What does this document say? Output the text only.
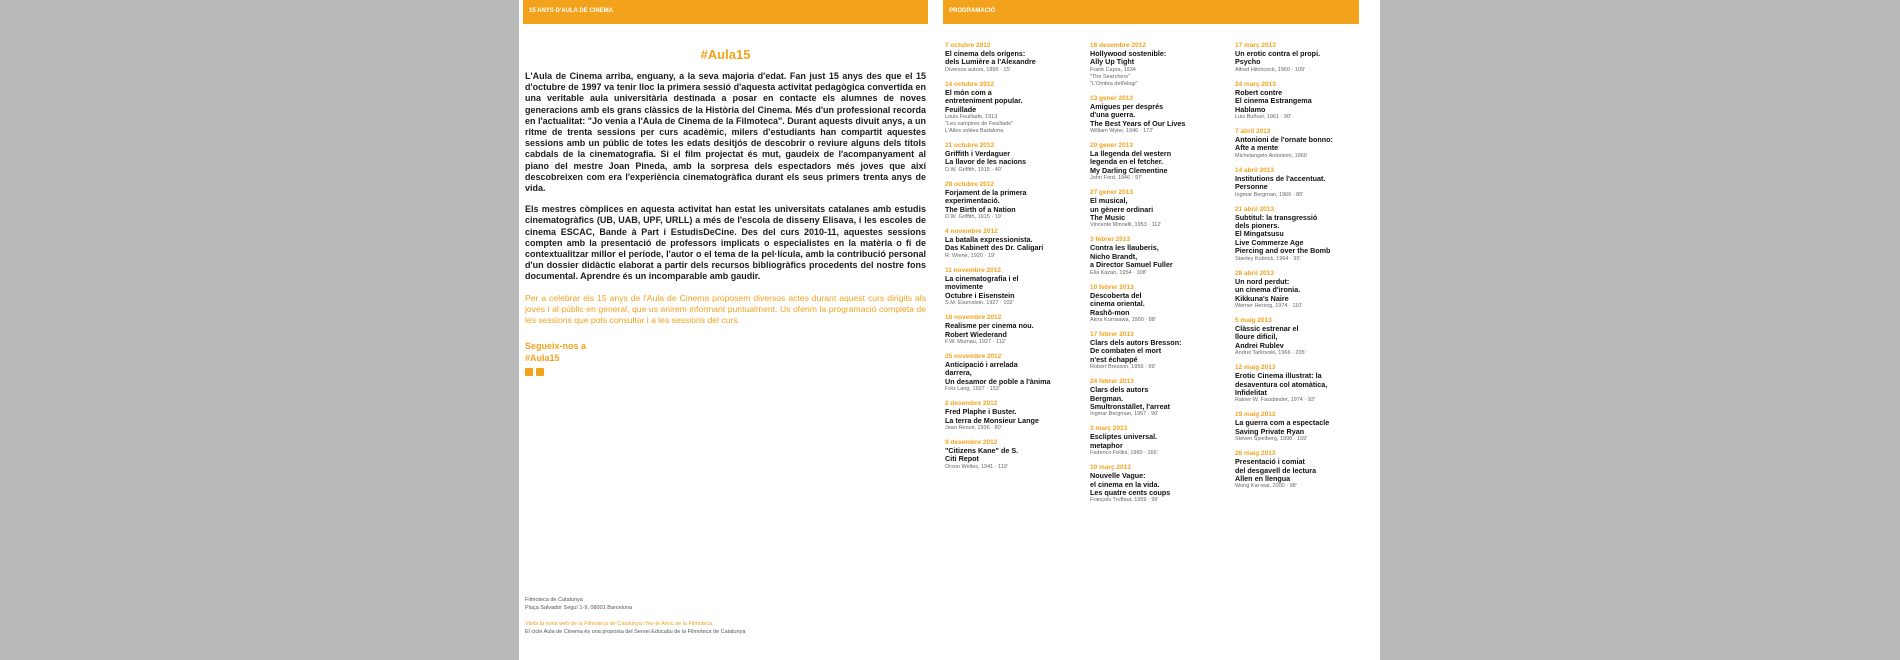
15 ANYS D'AULA DE CINEMA	PROGRAMACIÓ
#Aula15

L'Aula de Cinema arriba, enguany, a la seva majoria d'edat. Fan just 15 anys des que el 15 d'octubre de 1997 va tenir lloc la primera sessió d'aquesta activitat pedagògica convertida en una veritable aula universitària destinada a posar en contacte els alumnes de noves generacions amb els grans clàssics de la Història del Cinema. Més d'un professional recorda en l'actualitat: "Jo venia a l'Aula de Cinema de la Filmoteca". Durant aquests divuit anys, a un ritme de trenta sessions per curs acadèmic, milers d'estudiants han compartit aquestes sessions amb un públic de totes les edats desitjós de descobrir o reviure alguns dels títols cabdals de la cinematografia. Si el film projectat és mut, gaudeix de l'acompanyament al piano del mestre Joan Pineda, amb la sorpresa dels espectadors més joves que així descobreixen com era l'experiència cinematogràfica durant els seus primers trenta anys de vida.

Els mestres còmplices en aquesta activitat han estat les universitats catalanes amb estudis cinematogràfics (UB, UAB, UPF, URLL) a més de l'escola de disseny Elisava, i les escoles de cinema ESCAC, Bande à Part i EstudisDeCine. Des del curs 2010-11, aquestes sessions compten amb la presentació de professors implicats o especialistes en la matèria o fi de contextualitzar millor el període, l'autor o el tema de la pel·lícula, amb la contribució personal d'un dossier didàctic elaborat a partir dels recursos bibliogràfics procedents del nostre fons documental. Aprendre és un incomparable amb gaudir.

Per a celebrar els 15 anys de l'Aula de Cinema proposem diversos actes durant aquest curs dirigits als joves i al públic en general, que us anirem informant puntualment. Us oferim la programació completa de les sessions que pots consultar i a les sessions del curs.
Segueix-nos a
#Aula15
Filmoteca de Catalunya
Plaça Salvador Seguí 1-9, 08001 Barcelona
Visita la nova web de la Filmoteca de Catalunya i fes-te Amic de la Filmoteca
El cicle Aula de Cinema és una proposta del Servei Educatiu de la Filmoteca de Catalunya
7 octubre 2012
El cinema dels orígens:
dels Lumière a l'Alexandre
Diversos autors, 1895 · 15'
14 octubre 2012
El món com a
entreteniment popular.
Feuillade
Louis Feuillade, 1913
"Les vampires de Feuillade"
L'Ailes volées Badalona
21 octubre 2012
Griffith i Verdaguer
La llavor de les nacions
D.W. Griffith, 1915 · 40'
28 octubre 2012
Forjament de la primera
experimentació.
The Birth of a Nation
D.W. Griffith, 1915 · 19'
4 novembre 2012
La batalla expressionista.
Das Kabinett des Dr. Caligari
R. Wiene, 1920 · 19'
11 novembre 2012
La cinematografia i el
movimente
Octubre i Eisenstein
S.M. Eisenstein, 1927 · 102'
18 novembre 2012
Realisme per cinema nou.
Robert Wiederand
F.W. Murnau, 1927 · 112'
25 novembre 2012
Anticipació i arrelada
darrera,
Un desamor de poble a l'ànima
Fritz Lang, 1927 · 153'
2 desembre 2012
Fred Plaphe i Buster.
La terra de Monsieur Lange
Jean Renoir, 1936 · 80'
9 desembre 2012
"Citizens Kane" de S.
Citi Repot
Orson Welles, 1941 · 119'
16 desembre 2012
Hollywood sostenible:
Ally Up Tight
Frank Capra, 1934
"The Searchers"
"L'Ombra dell'elogi"
13 gener 2013
Amigues per després
d'una guerra.
The Best Years of Our Lives
William Wyler, 1946 · 172'
20 gener 2013
La llegenda del western
legenda en el fetcher.
My Darling Clementine
John Ford, 1946 · 97'
27 gener 2013
El musical,
un gènere ordinari
The Music
Vincente Minnelli, 1953 · 112'
3 febrer 2013
Contra les llauberis,
Nicho Brandt,
a Director Samuel Fuller
Elia Kazan, 1954 · 108'
10 febrer 2013
Descoberta del
cinema oriental.
Rashô-mon
Akira Kurosawa, 1950 · 88'
17 febrer 2013
Clars dels autors Bresson:
De combaten el mort
n'est échappé
Robert Bresson, 1956 · 99'
24 febrer 2013
Clars dels autors
Bergman.
Smultronstället, l'arreat
Ingmar Bergman, 1957 · 90'
3 març 2013
Escliptes universal.
metaphor
Federico Fellini, 1960 · 166'
10 març 2013
Nouvelle Vague:
el cinema en la vida.
Les quatre cents coups
François Truffaut, 1959 · 99'
17 març 2013
Un erotic contra el propi.
Psycho
Alfred Hitchcock, 1960 · 109'
24 març 2013
Robert contre
El cinema Estrangema
Hablamo
Luis Buñuel, 1961 · 90'
7 abril 2013
Antonioni de l'ornate bonno:
Afte a mente
Michelangelo Antonioni, 1960
14 abril 2013
Institutions de l'accentuat.
Personne
Ingmar Bergman, 1966 · 85'
21 abril 2013
Subtitul: la transgressió
dels pioners.
El Mingatsusu
Live Commerze Age
Piercing and over the Bomb
Stanley Kubrick, 1964 · 95'
28 abril 2013
Un nord perdut:
un cinema d'ironia.
Kikkuna's Naire
Werner Herzog, 1974 · 110'
5 maig 2013
Clàssic estrenar el
lloure difícil,
Andrei Rublev
Andrei Tarkovski, 1966 · 205'
12 maig 2013
Erotic Cinema illustrat: la
desaventura col atomàtica,
Infidelitat
Rainer W. Fassbinder, 1974 · 93'
19 maig 2013
La guerra com a espectacle
Saving Private Ryan
Steven Spielberg, 1998 · 169'
26 maig 2013
Presentació i comiat
del desgavell de lectura
Allen en llengua
Wong Kar-wai, 2000 · 98'
